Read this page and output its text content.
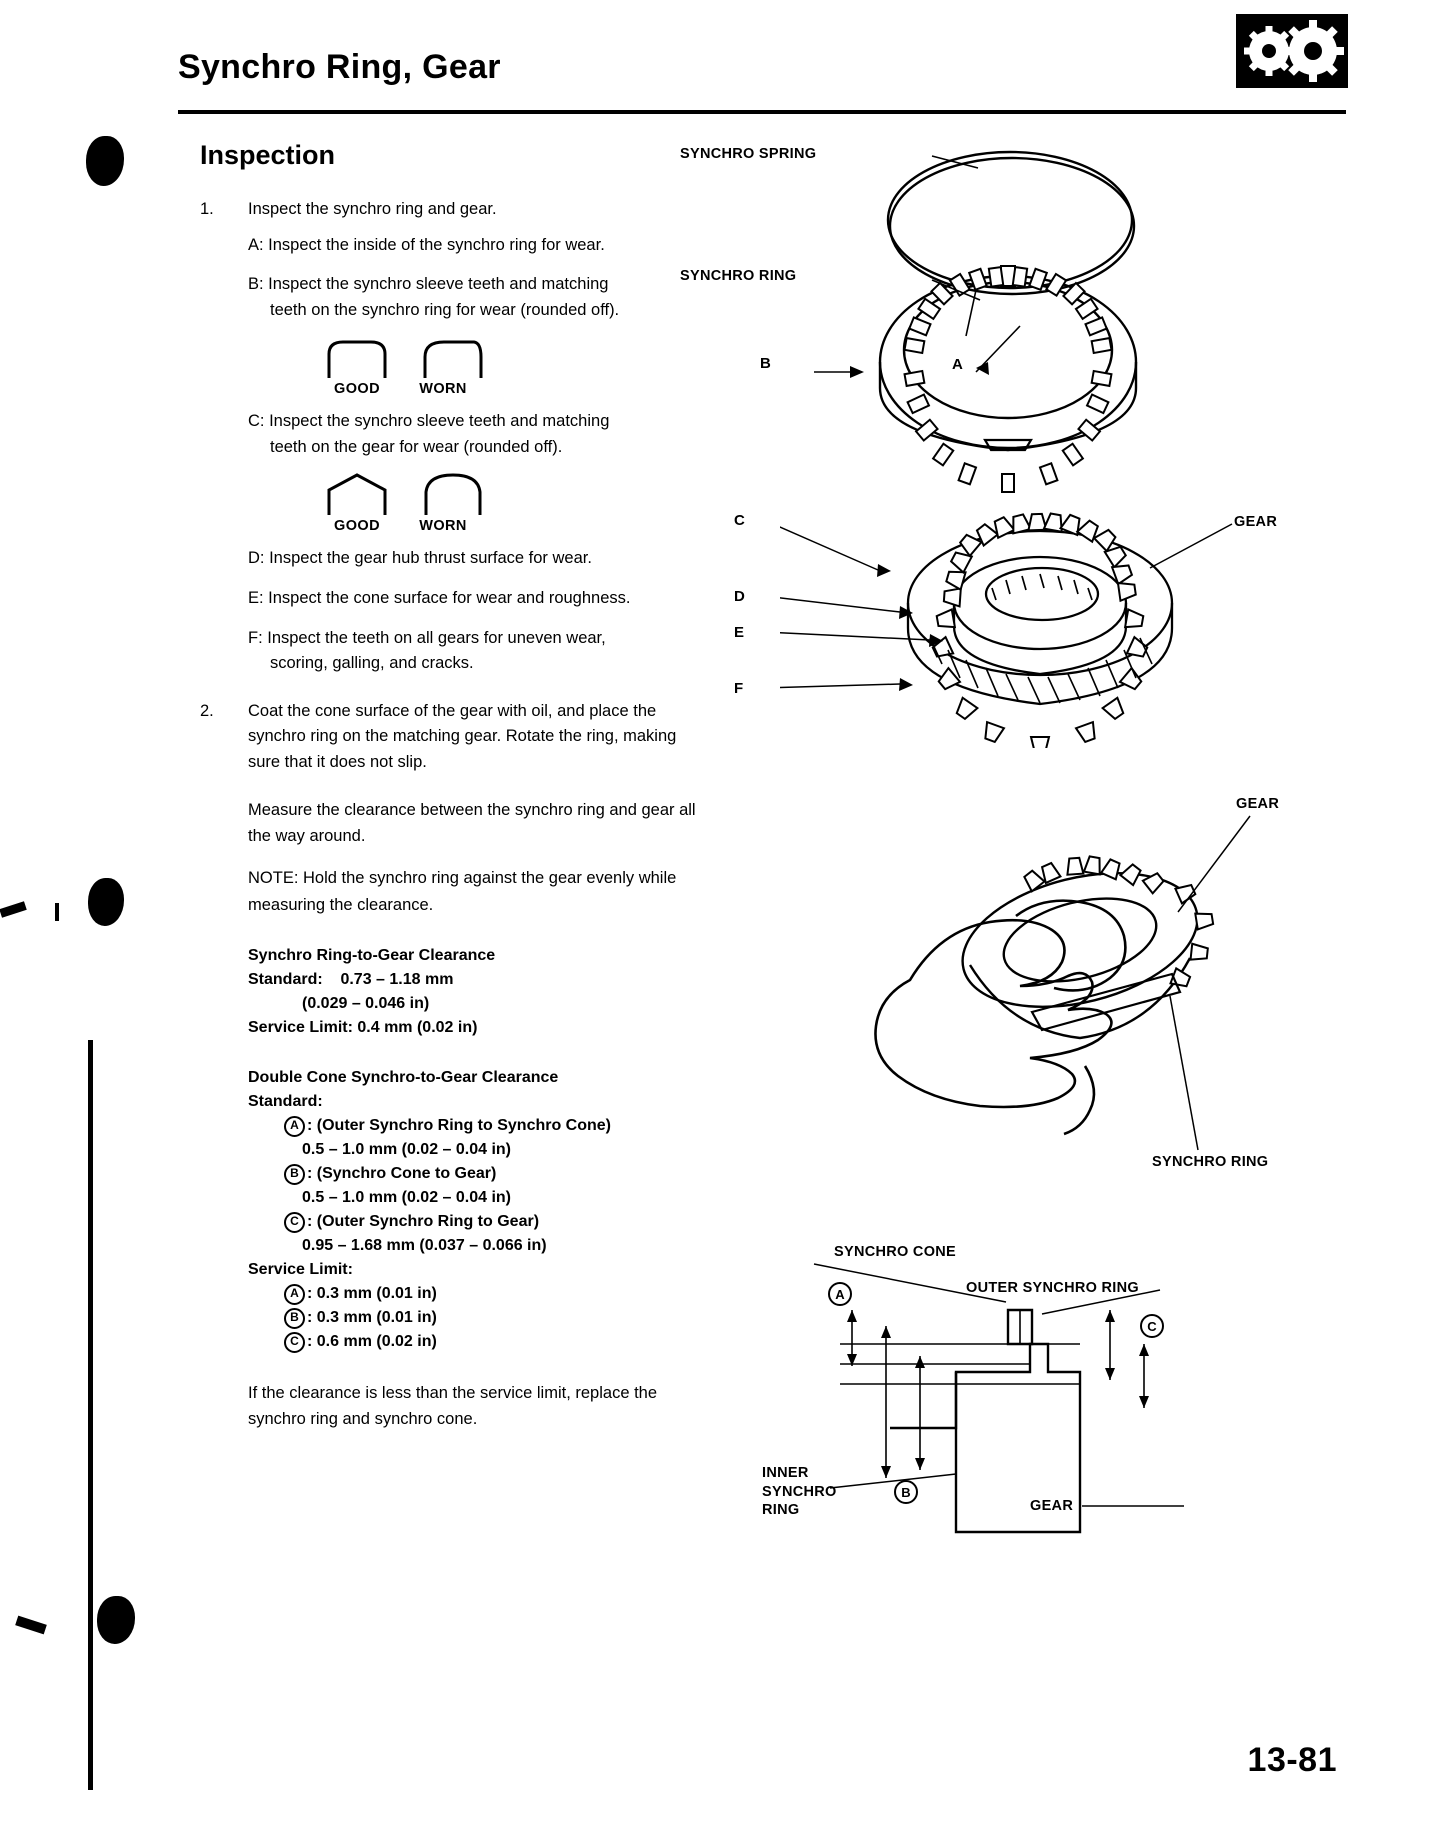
Synchro Ring, Gear
Inspection
1.	Inspect the synchro ring and gear.
A: Inspect the inside of the synchro ring for wear.
B: Inspect the synchro sleeve teeth and matching
teeth on the synchro ring for wear (rounded off).
GOOD	WORN
C: Inspect the synchro sleeve teeth and matching
teeth on the gear for wear (rounded off).
GOOD	WORN
D: Inspect the gear hub thrust surface for wear.
E: Inspect the cone surface for wear and roughness.
F: Inspect the teeth on all gears for uneven wear,
scoring, galling, and cracks.
2.	Coat the cone surface of the gear with oil, and place the synchro ring on the matching gear. Rotate the ring, making sure that it does not slip.
Measure the clearance between the synchro ring and gear all the way around.
NOTE: Hold the synchro ring against the gear evenly while measuring the clearance.
Synchro Ring-to-Gear Clearance
Standard: 0.73 – 1.18 mm
(0.029 – 0.046 in)
Service Limit: 0.4 mm (0.02 in)
Double Cone Synchro-to-Gear Clearance
Standard:
A : (Outer Synchro Ring to Synchro Cone)
0.5 – 1.0 mm (0.02 – 0.04 in)
B : (Synchro Cone to Gear)
0.5 – 1.0 mm (0.02 – 0.04 in)
C : (Outer Synchro Ring to Gear)
0.95 – 1.68 mm (0.037 – 0.066 in)
Service Limit:
A : 0.3 mm (0.01 in)
B : 0.3 mm (0.01 in)
C : 0.6 mm (0.02 in)
If the clearance is less than the service limit, replace the synchro ring and synchro cone.
SYNCHRO SPRING
SYNCHRO RING
A
B
GEAR
C
D
E
F
GEAR
SYNCHRO RING
A
B
C
SYNCHRO CONE
OUTER SYNCHRO RING
INNER
SYNCHRO
RING	GEAR
13-81
